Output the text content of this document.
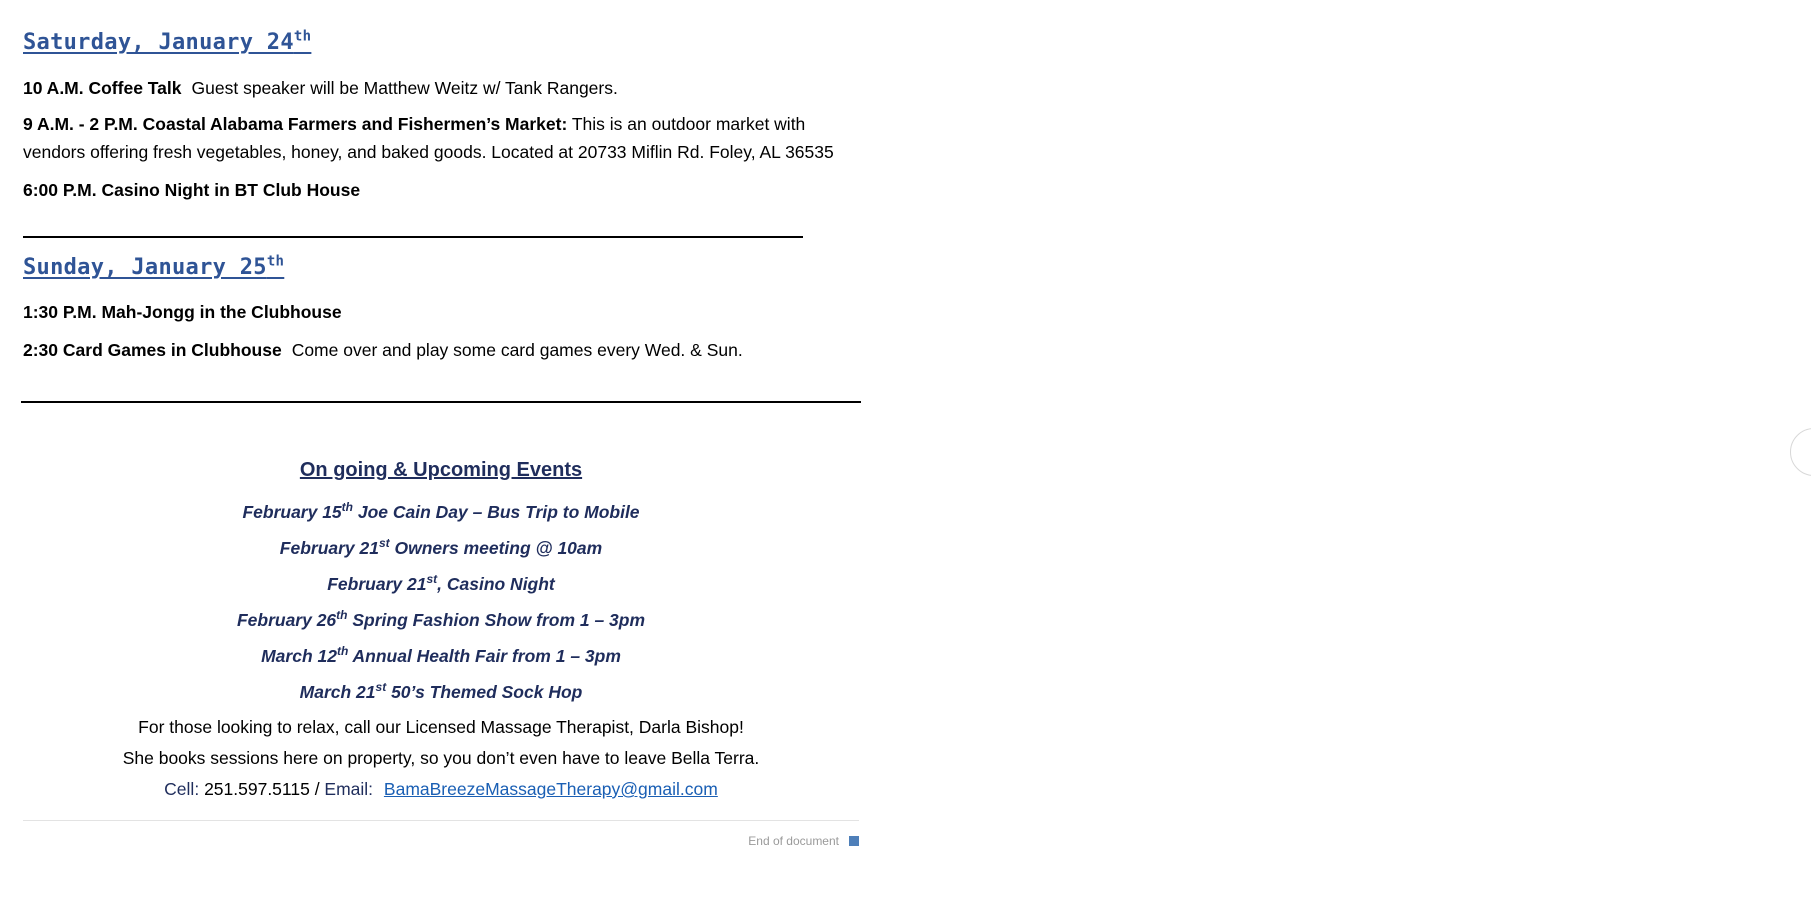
Saturday, January 24th
10 A.M. Coffee Talk Guest speaker will be Matthew Weitz w/ Tank Rangers.
9 A.M. - 2 P.M. Coastal Alabama Farmers and Fishermen’s Market: This is an outdoor market with vendors offering fresh vegetables, honey, and baked goods. Located at 20733 Miflin Rd. Foley, AL 36535
6:00 P.M. Casino Night in BT Club House
Sunday, January 25th
1:30 P.M. Mah-Jongg in the Clubhouse
2:30 Card Games in Clubhouse Come over and play some card games every Wed. & Sun.
On going & Upcoming Events
February 15th Joe Cain Day – Bus Trip to Mobile
February 21st Owners meeting @ 10am
February 21st, Casino Night
February 26th Spring Fashion Show from 1 – 3pm
March 12th Annual Health Fair from 1 – 3pm
March 21st 50’s Themed Sock Hop
For those looking to relax, call our Licensed Massage Therapist, Darla Bishop!
She books sessions here on property, so you don’t even have to leave Bella Terra.
Cell: 251.597.5115 / Email: BamaBreezeMassageTherapy@gmail.com
End of document
